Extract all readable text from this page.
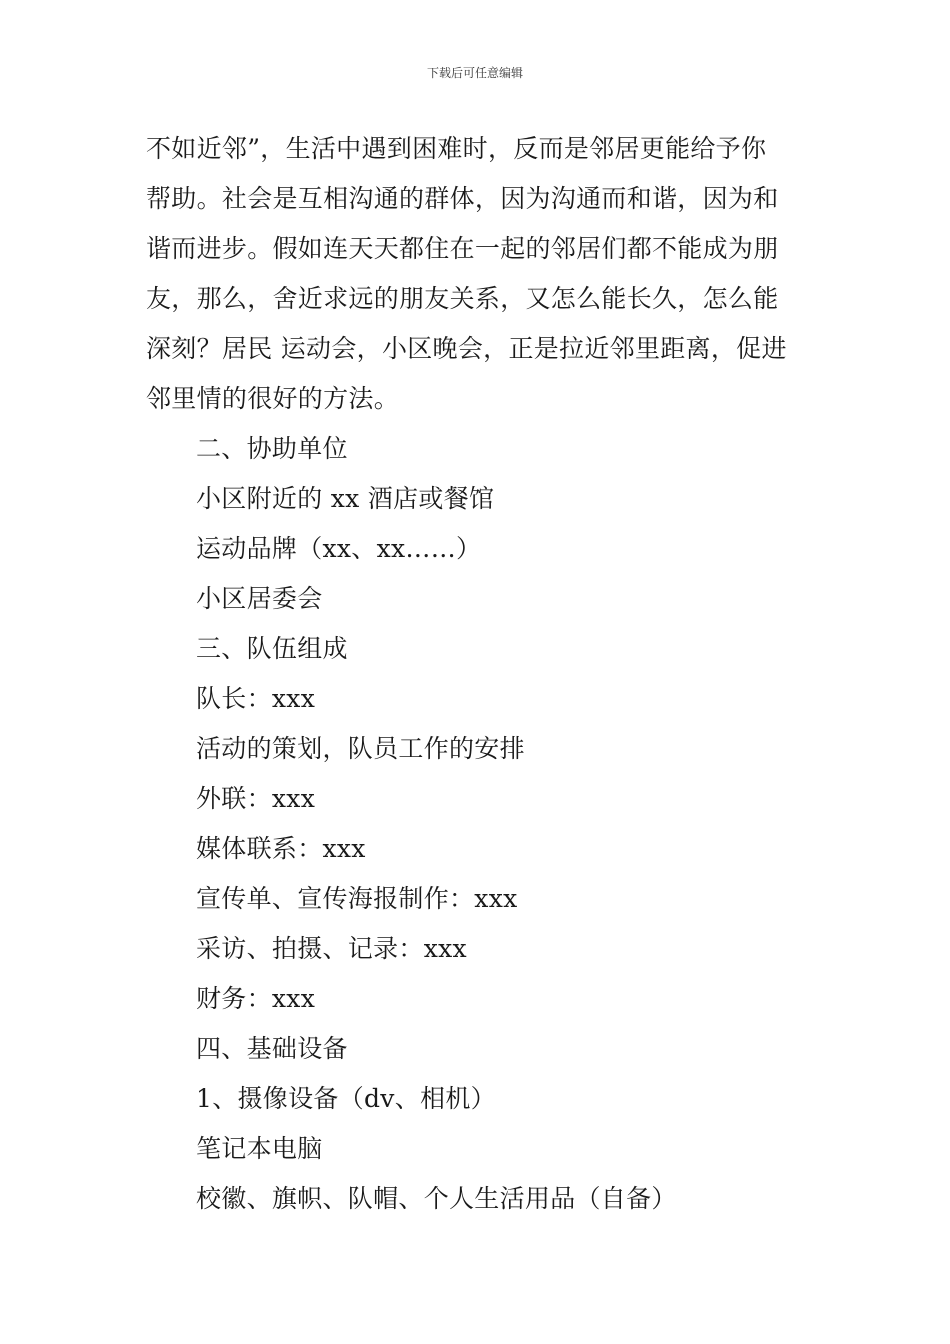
下载后可任意编辑

不如近邻”，生活中遇到困难时，反而是邻居更能给予你

帮助。社会是互相沟通的群体，因为沟通而和谐，因为和

谐而进步。假如连天天都住在一起的邻居们都不能成为朋

友，那么，舍近求远的朋友关系，又怎么能长久，怎么能

深刻？居民 运动会，小区晚会，正是拉近邻里距离，促进

邻里情的很好的方法。

二、协助单位

小区附近的 xx 酒店或餐馆

运动品牌（xx、xx……）

小区居委会

三、队伍组成

队长：xxx

活动的策划，队员工作的安排

外联：xxx

媒体联系：xxx

宣传单、宣传海报制作：xxx

采访、拍摄、记录：xxx

财务：xxx

四、基础设备

1、摄像设备（dv、相机）

笔记本电脑

校徽、旗帜、队帽、个人生活用品（自备）
